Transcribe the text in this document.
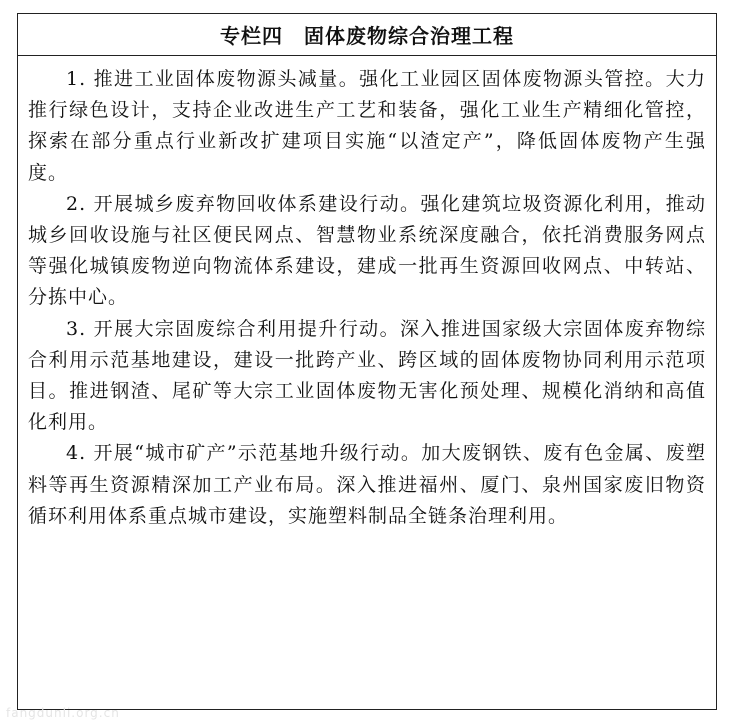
专栏四　固体废物综合治理工程

1. 推进工业固体废物源头减量。强化工业园区固体废物源头管控。大力推行绿色设计，支持企业改进生产工艺和装备，强化工业生产精细化管控，探索在部分重点行业新改扩建项目实施“以渣定产”，降低固体废物产生强度。

2. 开展城乡废弃物回收体系建设行动。强化建筑垃圾资源化利用，推动城乡回收设施与社区便民网点、智慧物业系统深度融合，依托消费服务网点等强化城镇废物逆向物流体系建设，建成一批再生资源回收网点、中转站、分拣中心。

3. 开展大宗固废综合利用提升行动。深入推进国家级大宗固体废弃物综合利用示范基地建设，建设一批跨产业、跨区域的固体废物协同利用示范项目。推进钢渣、尾矿等大宗工业固体废物无害化预处理、规模化消纳和高值化利用。

4. 开展“城市矿产”示范基地升级行动。加大废钢铁、废有色金属、废塑料等再生资源精深加工产业布局。深入推进福州、厦门、泉州国家废旧物资循环利用体系重点城市建设，实施塑料制品全链条治理利用。

fangdunli.org.cn
